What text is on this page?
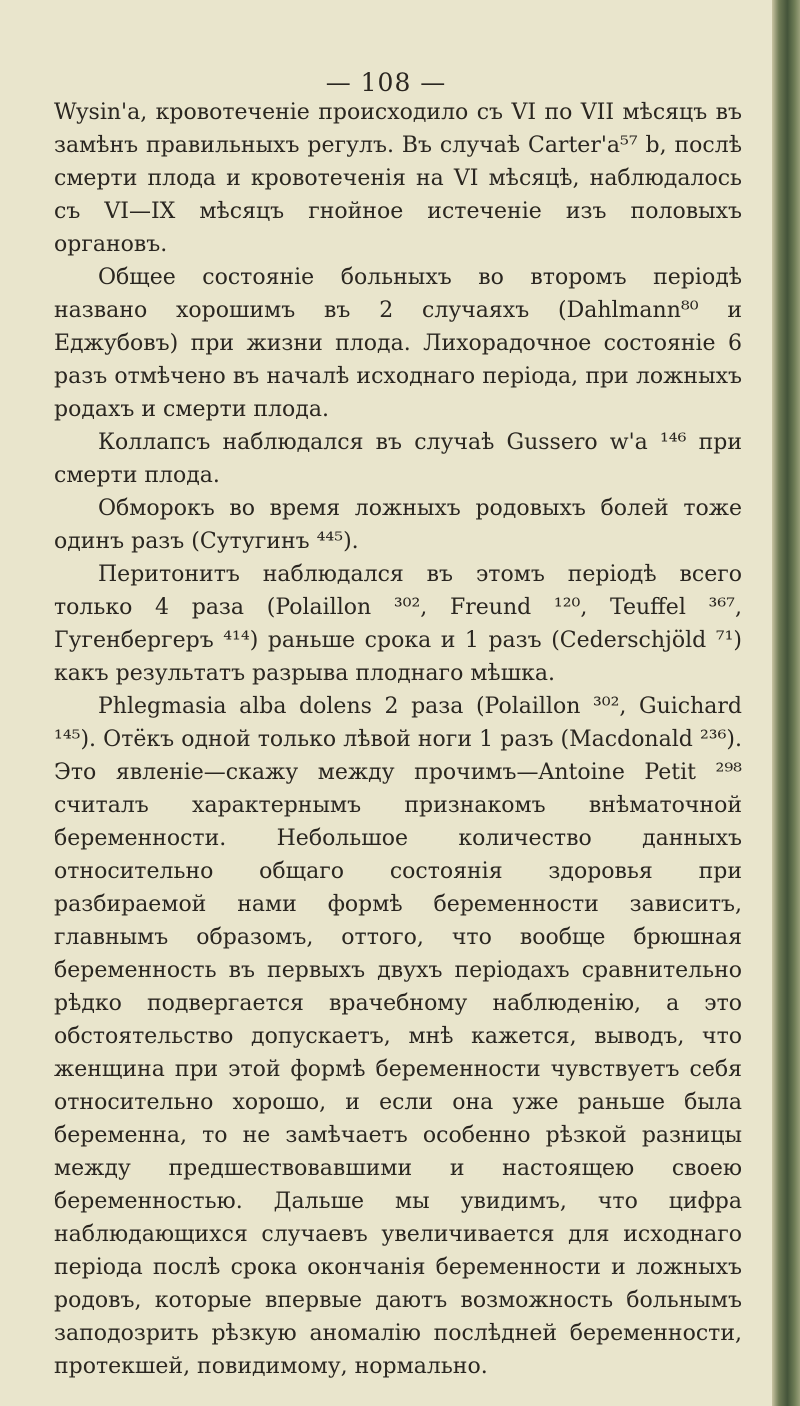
— 108 —

Wysin'a, кровотеченіе происходило съ VI по VII мѣсяцъ въ замѣнъ правильныхъ регулъ. Въ случаѣ Carter'a⁵⁷ b, послѣ смерти плода и кровотеченія на VI мѣсяцѣ, наблюдалось съ VI—IX мѣсяцъ гнойное истеченіе изъ половыхъ органовъ.

Общее состояніе больныхъ во второмъ періодѣ названо хорошимъ въ 2 случаяхъ (Dahlmann⁸⁰ и Еджубовъ) при жизни плода. Лихорадочное состояніе 6 разъ отмѣчено въ началѣ исходнаго періода, при ложныхъ родахъ и смерти плода.

Коллапсъ наблюдался въ случаѣ Gussero w'a ¹⁴⁶ при смерти плода.

Обморокъ во время ложныхъ родовыхъ болей тоже одинъ разъ (Сутугинъ ⁴⁴⁵).

Перитонитъ наблюдался въ этомъ періодѣ всего только 4 раза (Polaillon ³⁰², Freund ¹²⁰, Teuffel ³⁶⁷, Гугенбергеръ ⁴¹⁴) раньше срока и 1 разъ (Cederschjöld ⁷¹) какъ результатъ разрыва плоднаго мѣшка.

Phlegmasia alba dolens 2 раза (Polaillon ³⁰², Guichard ¹⁴⁵). Отёкъ одной только лѣвой ноги 1 разъ (Macdonald ²³⁶). Это явленіе—скажу между прочимъ—Antoine Petit ²⁹⁸ считалъ характернымъ признакомъ внѣматочной беременности. Небольшое количество данныхъ относительно общаго состоянія здоровья при разбираемой нами формѣ беременности зависитъ, главнымъ образомъ, оттого, что вообще брюшная беременность въ первыхъ двухъ періодахъ сравнительно рѣдко подвергается врачебному наблюденію, а это обстоятельство допускаетъ, мнѣ кажется, выводъ, что женщина при этой формѣ беременности чувствуетъ себя относительно хорошо, и если она уже раньше была беременна, то не замѣчаетъ особенно рѣзкой разницы между предшествовавшими и настоящею своею беременностью. Дальше мы увидимъ, что цифра наблюдающихся случаевъ увеличивается для исходнаго періода послѣ срока окончанія беременности и ложныхъ родовъ, которые впервые даютъ возможность больнымъ заподозрить рѣзкую аномалію послѣдней беременности, протекшей, повидимому, нормально.
